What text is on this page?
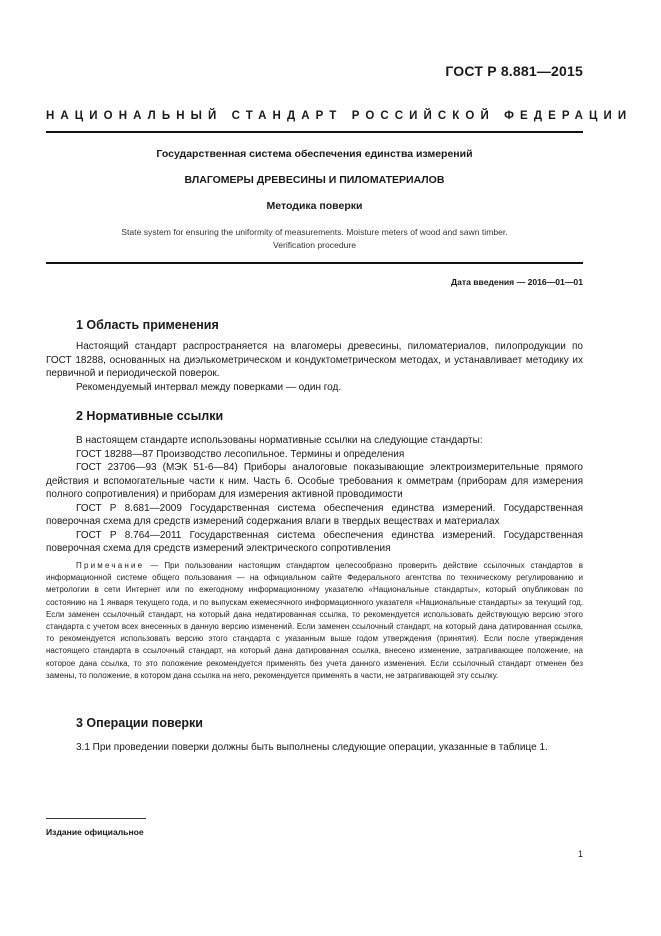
ГОСТ Р 8.881—2015
НАЦИОНАЛЬНЫЙ СТАНДАРТ РОССИЙСКОЙ ФЕДЕРАЦИИ
Государственная система обеспечения единства измерений
ВЛАГОМЕРЫ ДРЕВЕСИНЫ И ПИЛОМАТЕРИАЛОВ
Методика поверки
State system for ensuring the uniformity of measurements. Moisture meters of wood and sawn timber.
Verification procedure
Дата введения — 2016—01—01
1 Область применения

Настоящий стандарт распространяется на влагомеры древесины, пиломатериалов, пилопродукции по ГОСТ 18288, основанных на диэлькометрическом и кондуктометрическом методах, и устанавливает методику их первичной и периодической поверок.

Рекомендуемый интервал между поверками — один год.

2 Нормативные ссылки

В настоящем стандарте использованы нормативные ссылки на следующие стандарты:

ГОСТ 18288—87 Производство лесопильное. Термины и определения

ГОСТ 23706—93 (МЭК 51-6—84) Приборы аналоговые показывающие электроизмерительные прямого действия и вспомогательные части к ним. Часть 6. Особые требования к омметрам (приборам для измерения полного сопротивления) и приборам для измерения активной проводимости

ГОСТ Р 8.681—2009 Государственная система обеспечения единства измерений. Государственная поверочная схема для средств измерений содержания влаги в твердых веществах и материалах

ГОСТ Р 8.764—2011 Государственная система обеспечения единства измерений. Государственная поверочная схема для средств измерений электрического сопротивления

Примечание — При пользовании настоящим стандартом целесообразно проверить действие ссылочных стандартов в информационной системе общего пользования — на официальном сайте Федерального агентства по техническому регулированию и метрологии в сети Интернет или по ежегодному информационному указателю «Национальные стандарты», который опубликован по состоянию на 1 января текущего года, и по выпускам ежемесячного информационного указателя «Национальные стандарты» за текущий год. Если заменен ссылочный стандарт, на который дана недатированная ссылка, то рекомендуется использовать действующую версию этого стандарта с учетом всех внесенных в данную версию изменений. Если заменен ссылочный стандарт, на который дана датированная ссылка, то рекомендуется использовать версию этого стандарта с указанным выше годом утверждения (принятия). Если после утверждения настоящего стандарта в ссылочный стандарт, на который дана датированная ссылка, внесено изменение, затрагивающее положение, на которое дана ссылка, то это положение рекомендуется применять без учета данного изменения. Если ссылочный стандарт отменен без замены, то положение, в котором дана ссылка на него, рекомендуется применять в части, не затрагивающей эту ссылку.

3 Операции поверки

3.1 При проведении поверки должны быть выполнены следующие операции, указанные в таблице 1.

Издание официальное
1
